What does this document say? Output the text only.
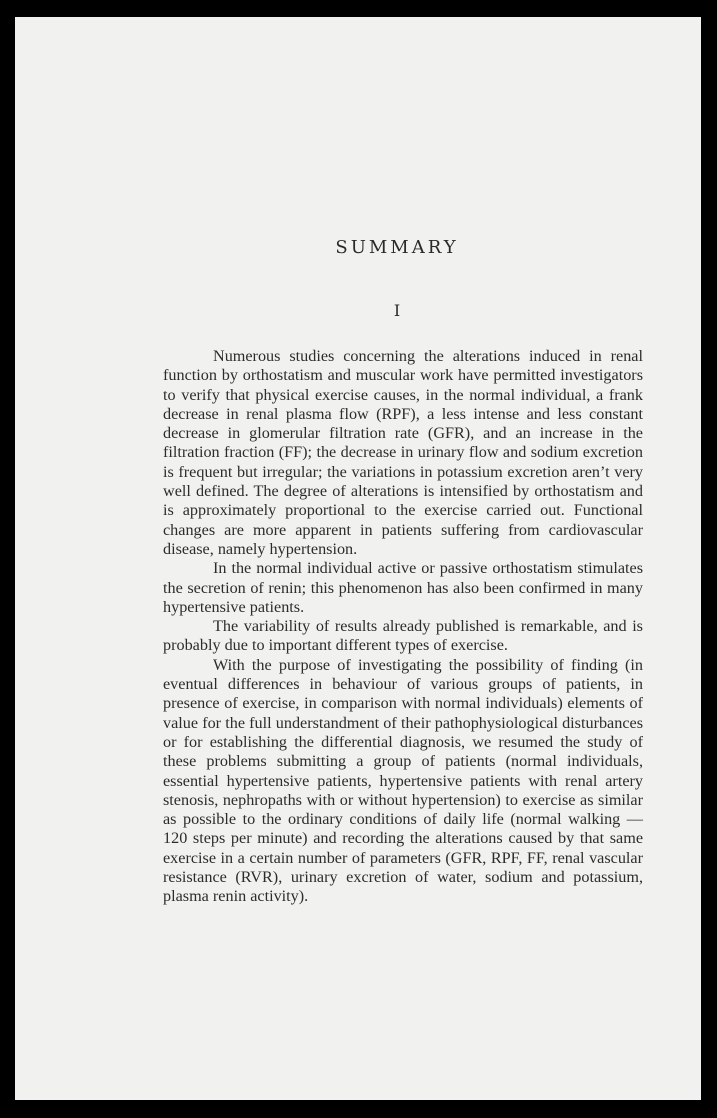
SUMMARY
I

Numerous studies concerning the alterations induced in renal function by orthostatism and muscular work have permitted investigators to verify that physical exercise causes, in the normal individual, a frank decrease in renal plasma flow (RPF), a less intense and less constant decrease in glomerular filtration rate (GFR), and an increase in the filtration fraction (FF); the decrease in urinary flow and sodium excretion is frequent but irregular; the variations in potassium excretion aren’t very well defined. The degree of alterations is intensified by orthostatism and is approximately proportional to the exercise carried out. Functional changes are more apparent in patients suffering from cardiovascular disease, namely hypertension.

In the normal individual active or passive orthostatism stimulates the secretion of renin; this phenomenon has also been confirmed in many hypertensive patients.

The variability of results already published is remarkable, and is probably due to important different types of exercise.

With the purpose of investigating the possibility of finding (in eventual differences in behaviour of various groups of patients, in presence of exercise, in comparison with normal individuals) elements of value for the full understandment of their pathophysiological disturbances or for establishing the differential diagnosis, we resumed the study of these problems submitting a group of patients (normal individuals, essential hypertensive patients, hypertensive patients with renal artery stenosis, nephropaths with or without hypertension) to exercise as similar as possible to the ordinary conditions of daily life (normal walking — 120 steps per minute) and recording the alterations caused by that same exercise in a certain number of parameters (GFR, RPF, FF, renal vascular resistance (RVR), urinary excretion of water, sodium and potassium, plasma renin activity).
